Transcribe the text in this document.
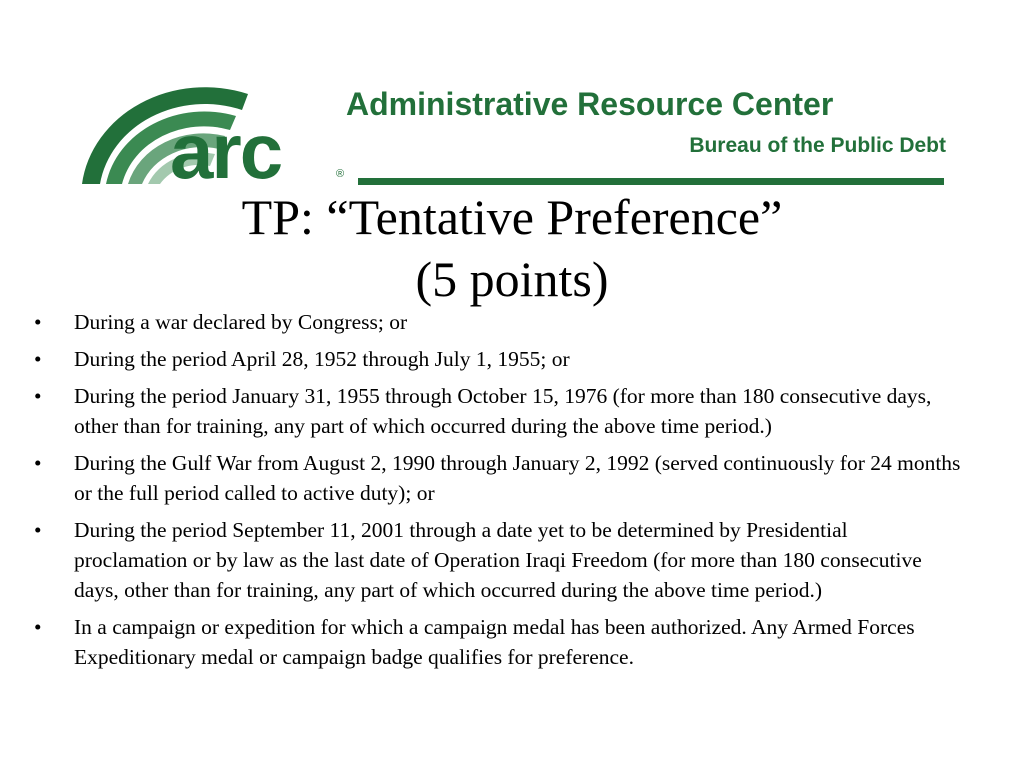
arc	®
Administrative Resource Center
Bureau of the Public Debt
TP: “Tentative Preference”
(5 points)
•	During a war declared by Congress; or
•	During the period April 28, 1952 through July 1, 1955; or
•	During the period January 31, 1955 through October 15, 1976 (for more than 180 consecutive days, other than for training, any part of which occurred during the above time period.)
•	During the Gulf War from August 2, 1990 through January 2, 1992 (served continuously for 24 months or the full period called to active duty); or
•	During the period September 11, 2001 through a date yet to be determined by Presidential proclamation or by law as the last date of Operation Iraqi Freedom (for more than 180 consecutive days, other than for training, any part of which occurred during the above time period.)
•	In a campaign or expedition for which a campaign medal has been authorized. Any Armed Forces Expeditionary medal or campaign badge qualifies for preference.
